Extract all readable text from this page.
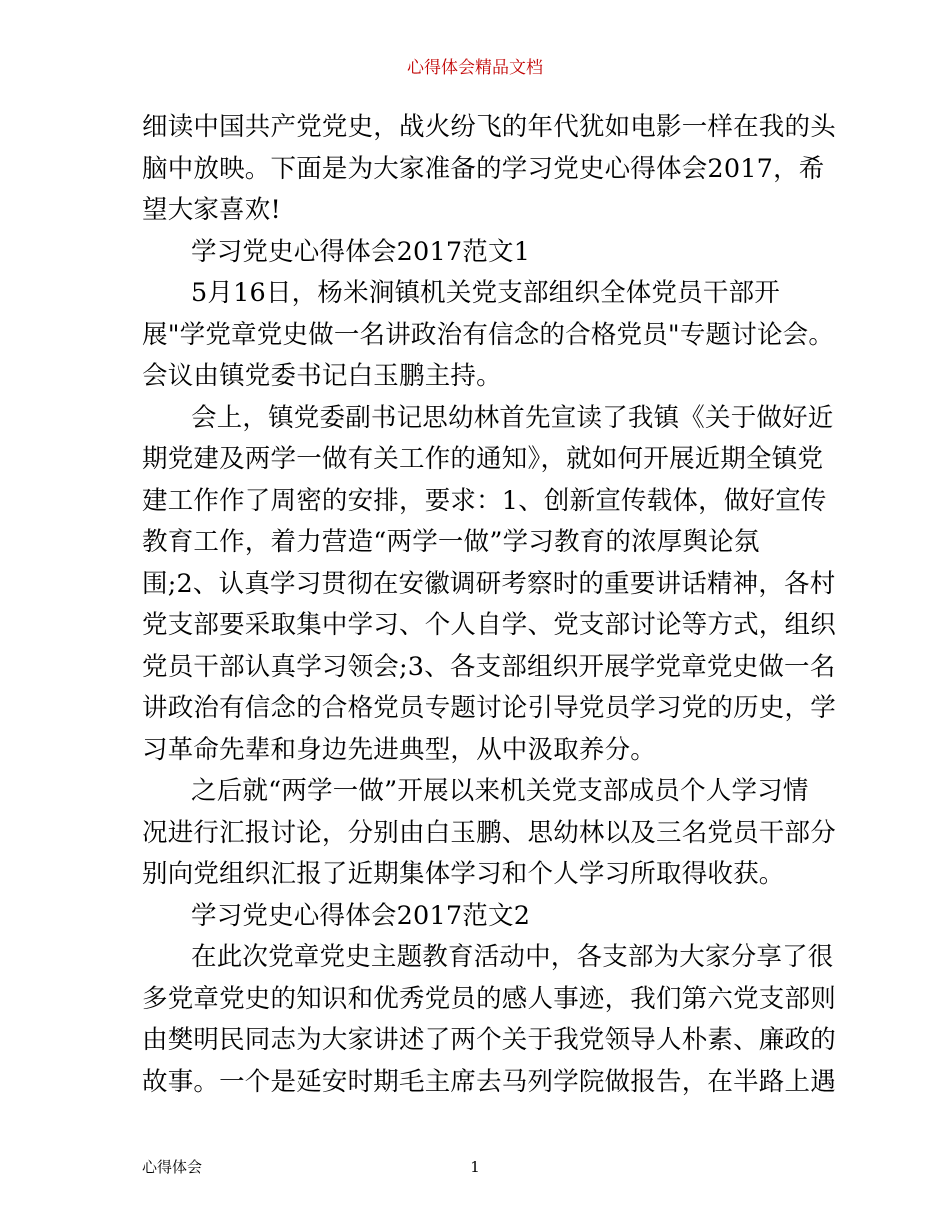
心得体会精品文档
细读中国共产党党史，战火纷飞的年代犹如电影一样在我的头
脑中放映。下面是为大家准备的学习党史心得体会2017，希
望大家喜欢!
学习党史心得体会2017范文1
5月16日，杨米涧镇机关党支部组织全体党员干部开
展"学党章党史做一名讲政治有信念的合格党员"专题讨论会。
会议由镇党委书记白玉鹏主持。
会上，镇党委副书记思幼林首先宣读了我镇《关于做好近
期党建及两学一做有关工作的通知》，就如何开展近期全镇党
建工作作了周密的安排，要求：1、创新宣传载体，做好宣传
教育工作，着力营造“两学一做”学习教育的浓厚舆论氛
围;2、认真学习贯彻在安徽调研考察时的重要讲话精神，各村
党支部要采取集中学习、个人自学、党支部讨论等方式，组织
党员干部认真学习领会;3、各支部组织开展学党章党史做一名
讲政治有信念的合格党员专题讨论引导党员学习党的历史，学
习革命先辈和身边先进典型，从中汲取养分。
之后就“两学一做”开展以来机关党支部成员个人学习情
况进行汇报讨论，分别由白玉鹏、思幼林以及三名党员干部分
别向党组织汇报了近期集体学习和个人学习所取得收获。
学习党史心得体会2017范文2
在此次党章党史主题教育活动中，各支部为大家分享了很
多党章党史的知识和优秀党员的感人事迹，我们第六党支部则
由樊明民同志为大家讲述了两个关于我党领导人朴素、廉政的
故事。一个是延安时期毛主席去马列学院做报告，在半路上遇
心得体会	1
